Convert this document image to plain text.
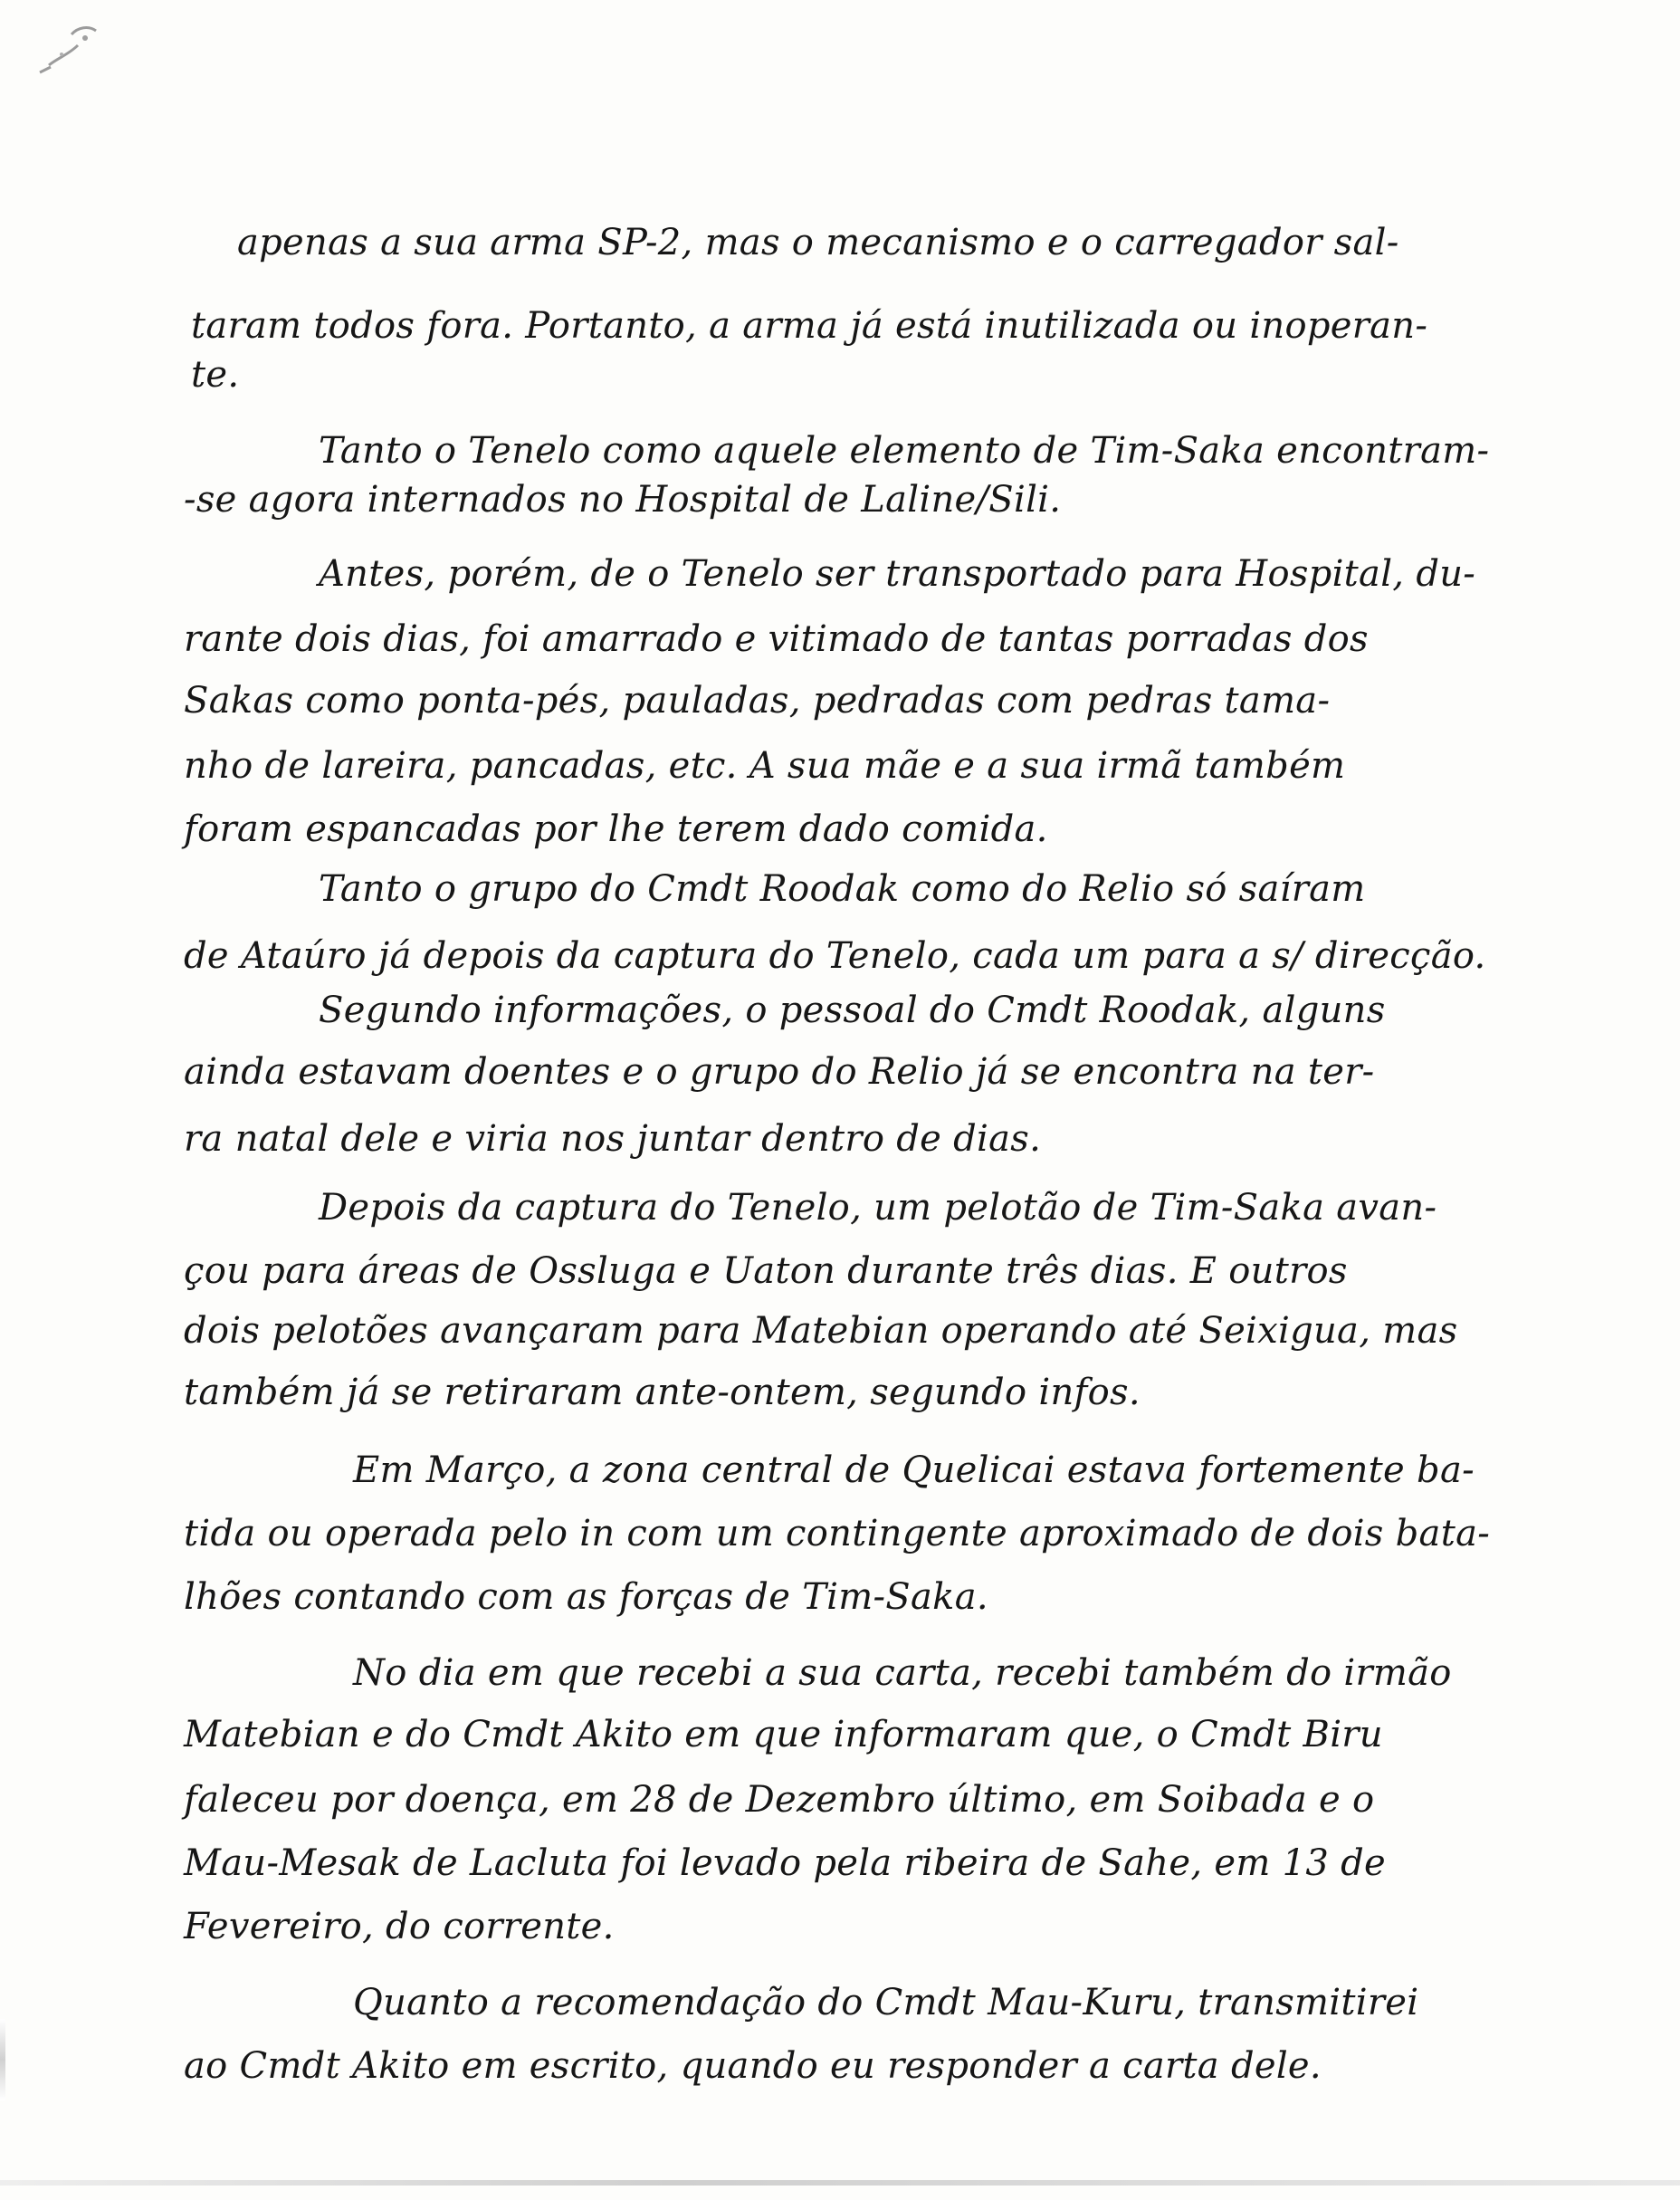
apenas a sua arma SP-2, mas o mecanismo e o carregador sal-

taram todos fora. Portanto, a arma já está inutilizada ou inoperan-

te.

Tanto o Tenelo como aquele elemento de Tim-Saka encontram-

-se agora internados no Hospital de Laline/Sili.

Antes, porém, de o Tenelo ser transportado para Hospital, du-

rante dois dias, foi amarrado e vitimado de tantas porradas dos

Sakas como ponta-pés, pauladas, pedradas com pedras tama-

nho de lareira, pancadas, etc. A sua mãe e a sua irmã também

foram espancadas por lhe terem dado comida.

Tanto o grupo do Cmdt Roodak como do Relio só saíram

de Ataúro já depois da captura do Tenelo, cada um para a s/ direcção.

Segundo informações, o pessoal do Cmdt Roodak, alguns

ainda estavam doentes e o grupo do Relio já se encontra na ter-

ra natal dele e viria nos juntar dentro de dias.

Depois da captura do Tenelo, um pelotão de Tim-Saka avan-

çou para áreas de Ossluga e Uaton durante três dias. E outros

dois pelotões avançaram para Matebian operando até Seixigua, mas

também já se retiraram ante-ontem, segundo infos.

Em Março, a zona central de Quelicai estava fortemente ba-

tida ou operada pelo in com um contingente aproximado de dois bata-

lhões contando com as forças de Tim-Saka.

No dia em que recebi a sua carta, recebi também do irmão

Matebian e do Cmdt Akito em que informaram que, o Cmdt Biru

faleceu por doença, em 28 de Dezembro último, em Soibada e o

Mau-Mesak de Lacluta foi levado pela ribeira de Sahe, em 13 de

Fevereiro, do corrente.

Quanto a recomendação do Cmdt Mau-Kuru, transmitirei

ao Cmdt Akito em escrito, quando eu responder a carta dele.
